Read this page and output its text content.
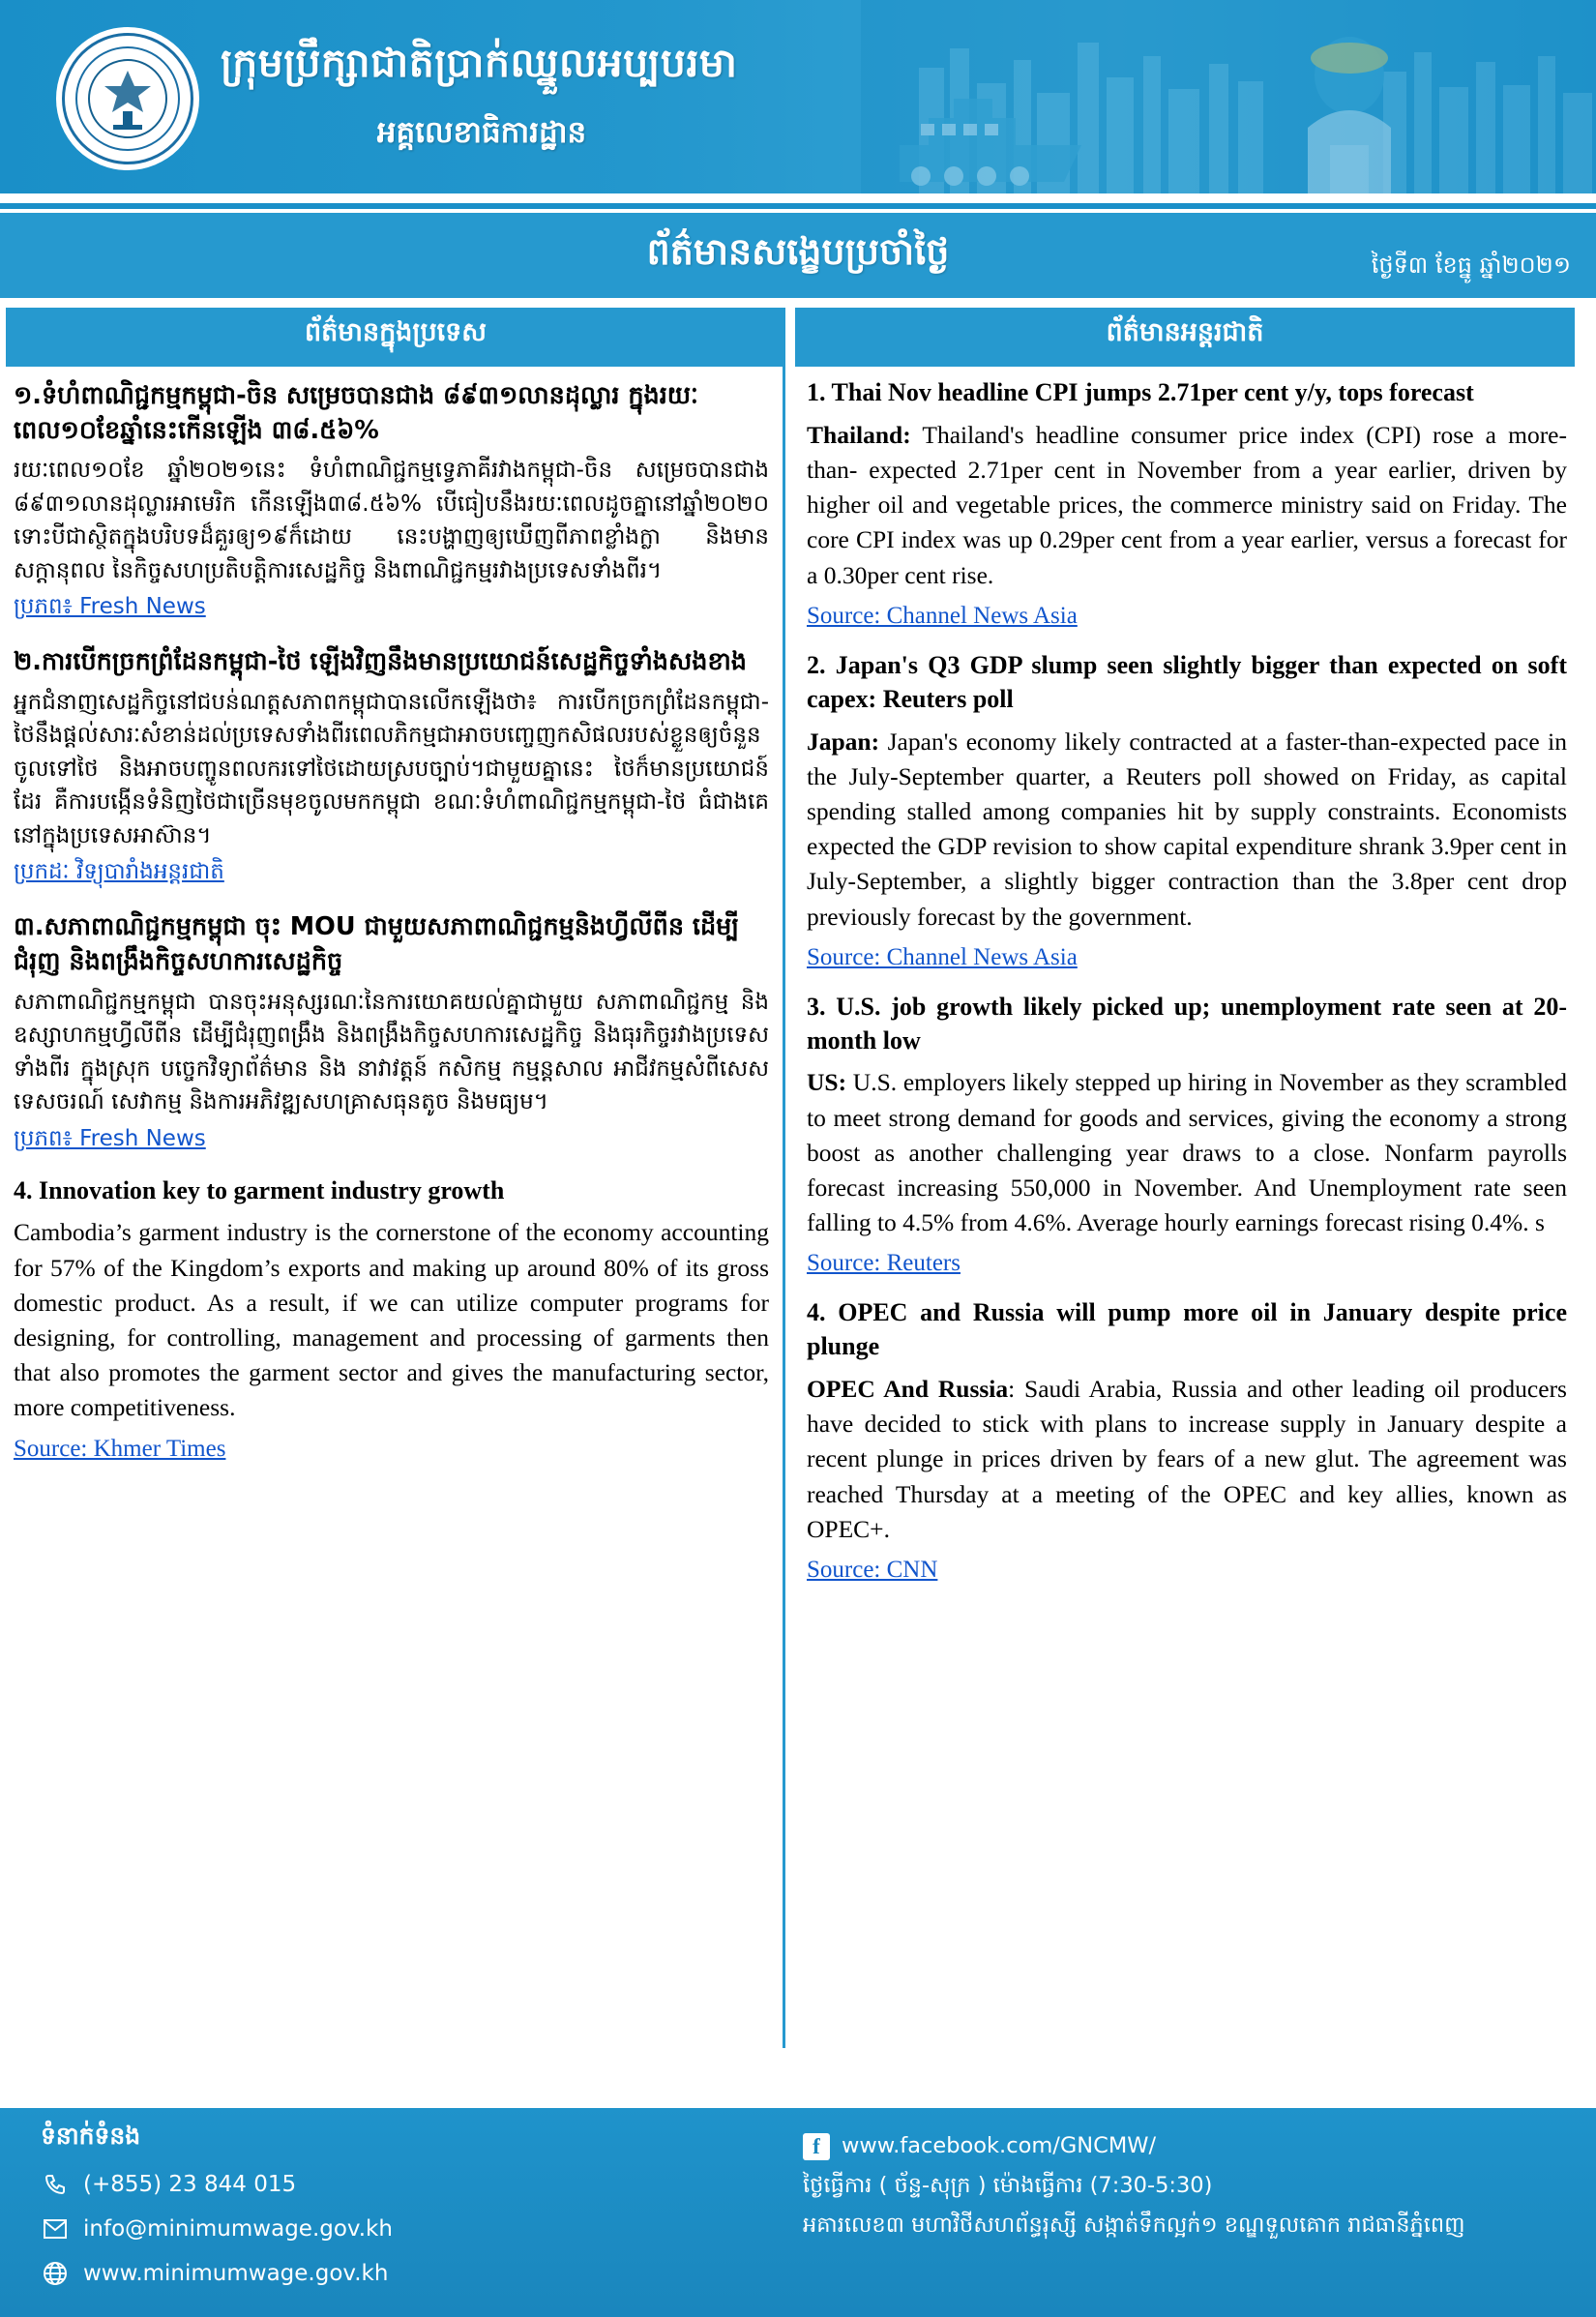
ក្រុមប្រឹក្សាជាតិប្រាក់ឈ្នួលអប្បបរមា
អគ្គលេខាធិការដ្ឋាន
ព័ត៌មានសង្ខេបប្រចាំថ្ងៃ	ថ្ងៃទី៣ ខែធ្នូ ឆ្នាំ២០២១
ព័ត៌មានក្នុងប្រទេស	ព័ត៌មានអន្តរជាតិ
១.ទំហំពាណិជ្ជកម្មកម្ពុជា-ចិន សម្រេចបានជាង ៨៩៣១លានដុល្លារ ក្នុងរយៈពេល១០ខែឆ្នាំនេះកើនឡើង ៣៨.៥៦%
រយៈពេល១០ខែ ឆ្នាំ២០២១នេះ ទំហំពាណិជ្ជកម្មទ្វេភាគីរវាងកម្ពុជា-ចិន សម្រេចបានជាង ៨៩៣១លានដុល្លារអាមេរិក កើនឡើង៣៨.៥៦% បើធៀបនឹងរយៈពេលដូចគ្នានៅឆ្នាំ២០២០ ទោះបីជាស្ថិតក្នុងបរិបទដ៏គួរឲ្យ១៩ក៏ដោយ នេះបង្ហាញឲ្យឃើញពីភាពខ្លាំងក្លា និងមានសក្តានុពល នៃកិច្ចសហប្រតិបត្តិការសេដ្ឋកិច្ច និងពាណិជ្ជកម្មរវាងប្រទេសទាំងពីរ។
ប្រភព៖ Fresh News
២.ការបើកច្រកព្រំដែនកម្ពុជា-ថៃ ឡើងវិញនឹងមានប្រយោជន៍សេដ្ឋកិច្ចទាំងសងខាង
អ្នកជំនាញសេដ្ឋកិច្ចនៅជបន់ណត្តសភាពកម្ពុជាបានលើកឡើងថា៖ ការបើកច្រកព្រំដែនកម្ពុជា-ថៃនឹងផ្តល់សារៈសំខាន់ដល់ប្រទេសទាំងពីរពេលភិកម្មជាអាចបញ្ចេញកសិផលរបស់ខ្លួនឲ្យចំនួនចូលទៅថៃ និងអាចបញ្ចូនពលករទៅថៃដោយស្របច្បាប់។ជាមួយគ្នានេះ ថៃក៏មានប្រយោជន៍ដែរ គឺការបង្កើនទំនិញថៃជាច្រើនមុខចូលមកកម្ពុជា ខណៈទំហំពាណិជ្ជកម្មកម្ពុជា-ថៃ ធំជាងគេនៅក្នុងប្រទេសអាស៊ាន។
ប្រកដៈ វិទ្យុបារាំងអន្តរជាតិ
៣.សភាពាណិជ្ជកម្មកម្ពុជា ចុះ MOU ជាមួយសភាពាណិជ្ជកម្មនិងហ្វីលីពីន ដើម្បីជំរុញ និងពង្រឹងកិច្ចសហការសេដ្ឋកិច្ច
សភាពាណិជ្ជកម្មកម្ពុជា បានចុះអនុស្សរណៈនៃការយោគយល់គ្នាជាមួយ សភាពាណិជ្ជកម្ម និងឧស្សាហកម្មហ្វីលីពីន ដើម្បីជំរុញពង្រឹង និងពង្រឹងកិច្ចសហការសេដ្ឋកិច្ច និងធុរកិច្ចរវាងប្រទេសទាំងពីរ ក្នុងស្រុក បច្ចេកវិទ្យាព័ត៌មាន និង នាវាវត្តន៍ កសិកម្ម កម្មន្តសាល អាជីវកម្មសំពីសេស ទេសចរណ៍ សេវាកម្ម និងការអភិវឌ្ឍសហគ្រាសធុនតូច និងមធ្យម។
ប្រភព៖ Fresh News
4. Innovation key to garment industry growth
Cambodia’s garment industry is the cornerstone of the economy accounting for 57% of the Kingdom’s exports and making up around 80% of its gross domestic product. As a result, if we can utilize computer programs for designing, for controlling, management and processing of garments then that also promotes the garment sector and gives the manufacturing sector, more competitiveness.
Source: Khmer Times
1. Thai Nov headline CPI jumps 2.71per cent y/y, tops forecast
Thailand: Thailand's headline consumer price index (CPI) rose a more-than- expected 2.71per cent in November from a year earlier, driven by higher oil and vegetable prices, the commerce ministry said on Friday. The core CPI index was up 0.29per cent from a year earlier, versus a forecast for a 0.30per cent rise.
Source: Channel News Asia
2. Japan's Q3 GDP slump seen slightly bigger than expected on soft capex: Reuters poll
Japan: Japan's economy likely contracted at a faster-than-expected pace in the July-September quarter, a Reuters poll showed on Friday, as capital spending stalled among companies hit by supply constraints. Economists expected the GDP revision to show capital expenditure shrank 3.9per cent in July-September, a slightly bigger contraction than the 3.8per cent drop previously forecast by the government.
Source: Channel News Asia
3. U.S. job growth likely picked up; unemployment rate seen at 20-month low
US: U.S. employers likely stepped up hiring in November as they scrambled to meet strong demand for goods and services, giving the economy a strong boost as another challenging year draws to a close. Nonfarm payrolls forecast increasing 550,000 in November. And Unemployment rate seen falling to 4.5% from 4.6%. Average hourly earnings forecast rising 0.4%. s
Source: Reuters
4. OPEC and Russia will pump more oil in January despite price plunge
OPEC And Russia: Saudi Arabia, Russia and other leading oil producers have decided to stick with plans to increase supply in January despite a recent plunge in prices driven by fears of a new glut. The agreement was reached Thursday at a meeting of the OPEC and key allies, known as OPEC+.
Source: CNN
ទំនាក់ទំនង
(+855) 23 844 015
info@minimumwage.gov.kh
www.minimumwage.gov.kh
f www.facebook.com/GNCMW/
ថ្ងៃធ្វើការ ( ច័ន្ទ-សុក្រ ) ម៉ោងធ្វើការ (7:30-5:30)
អគារលេខ៣ មហាវិថីសហព័ន្ធរុស្សី សង្កាត់ទឹកល្អក់១ ខណ្ឌទួលគោក រាជធានីភ្នំពេញ
